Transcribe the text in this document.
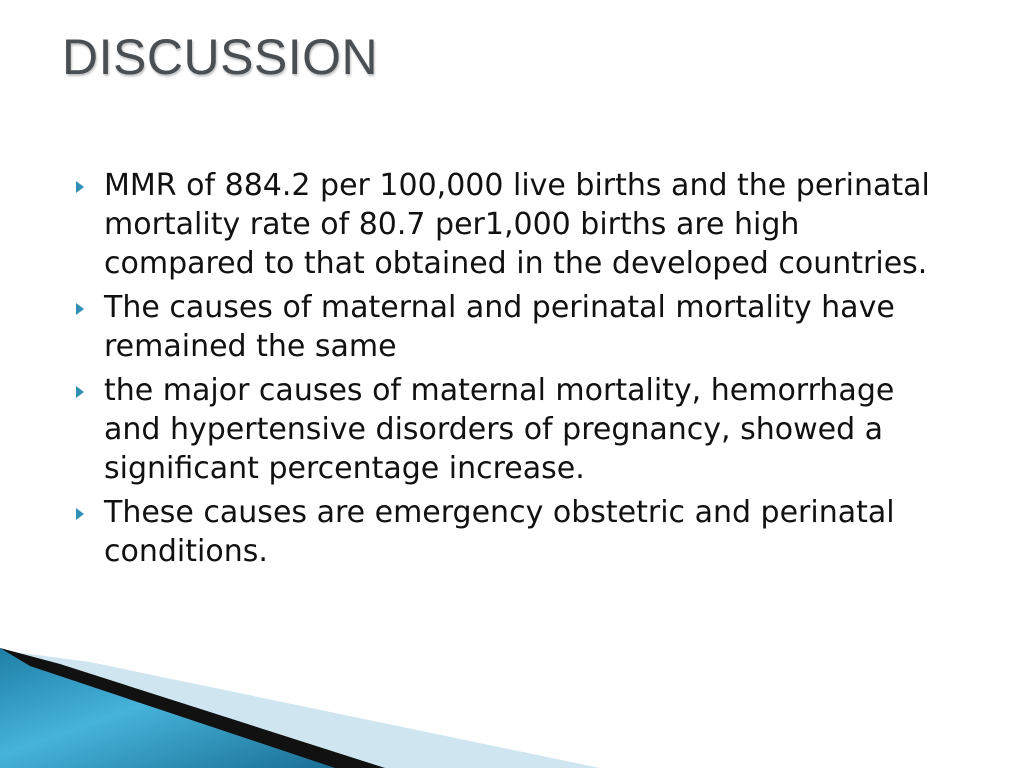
DISCUSSION
MMR of 884.2 per 100,000 live births and the perinatal mortality rate of 80.7 per1,000 births are high compared to that obtained in the developed countries.
The causes of maternal and perinatal mortality have remained the same
the major causes of maternal mortality, hemorrhage and hypertensive disorders of pregnancy, showed a significant percentage increase.
These causes are emergency obstetric and perinatal conditions.
